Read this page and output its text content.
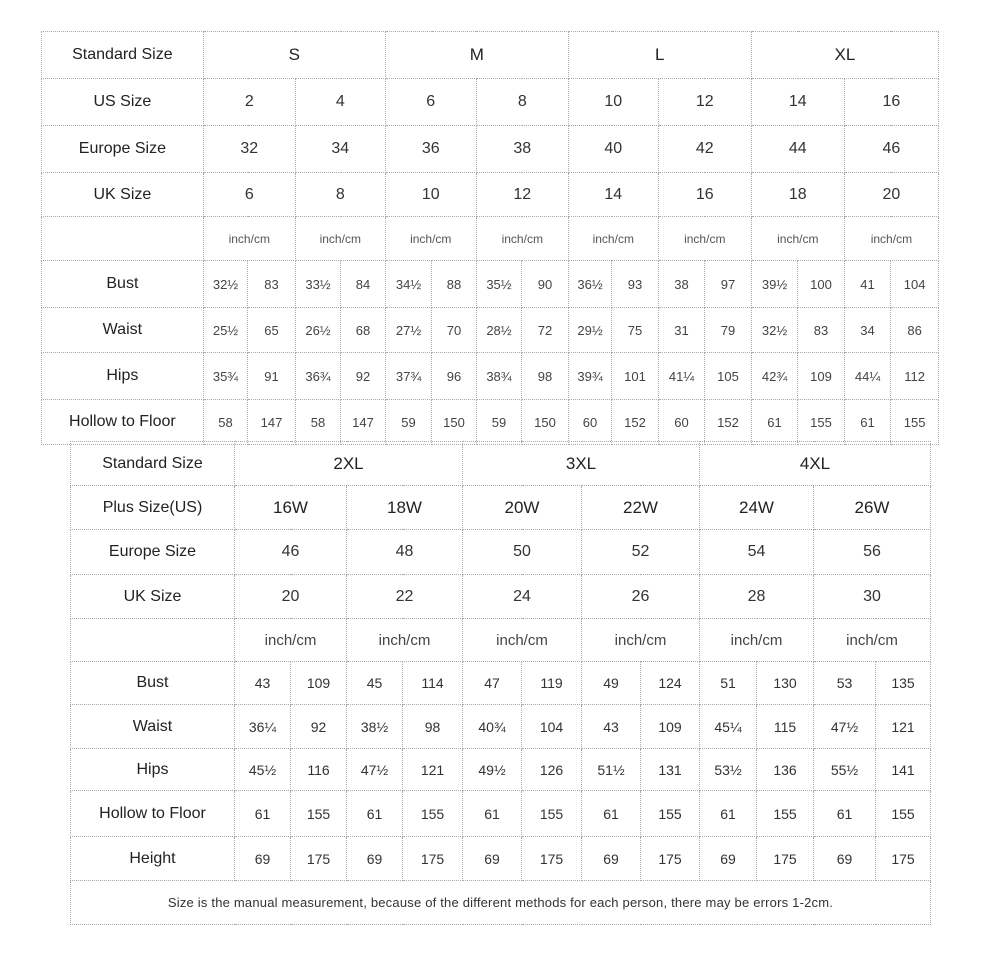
Standard Size	S				M				L				XL			
US Size	2		4		6		8		10		12		14		16	
Europe Size	32		34		36		38		40		42		44		46	
UK Size	6		8		10		12		14		16		18		20	
	inch/cm		inch/cm		inch/cm		inch/cm		inch/cm		inch/cm		inch/cm		inch/cm	
Bust	32½	83	33½	84	34½	88	35½	90	36½	93	38	97	39½	100	41	104
Waist	25½	65	26½	68	27½	70	28½	72	29½	75	31	79	32½	83	34	86
Hips	35¾	91	36¾	92	37¾	96	38¾	98	39¾	101	41¼	105	42¾	109	44¼	112
Hollow to Floor	58	147	58	147	59	150	59	150	60	152	60	152	61	155	61	155
Standard Size	2XL				3XL				4XL			
Plus Size(US)	16W		18W		20W		22W		24W		26W	
Europe Size	46		48		50		52		54		56	
UK Size	20		22		24		26		28		30	
	inch/cm		inch/cm		inch/cm		inch/cm		inch/cm		inch/cm	
Bust	43	109	45	114	47	119	49	124	51	130	53	135
Waist	36¼	92	38½	98	40¾	104	43	109	45¼	115	47½	121
Hips	45½	116	47½	121	49½	126	51½	131	53½	136	55½	141
Hollow to Floor	61	155	61	155	61	155	61	155	61	155	61	155
Height	69	175	69	175	69	175	69	175	69	175	69	175
Size is the manual measurement, because of the different methods for each person, there may be errors 1-2cm.												
